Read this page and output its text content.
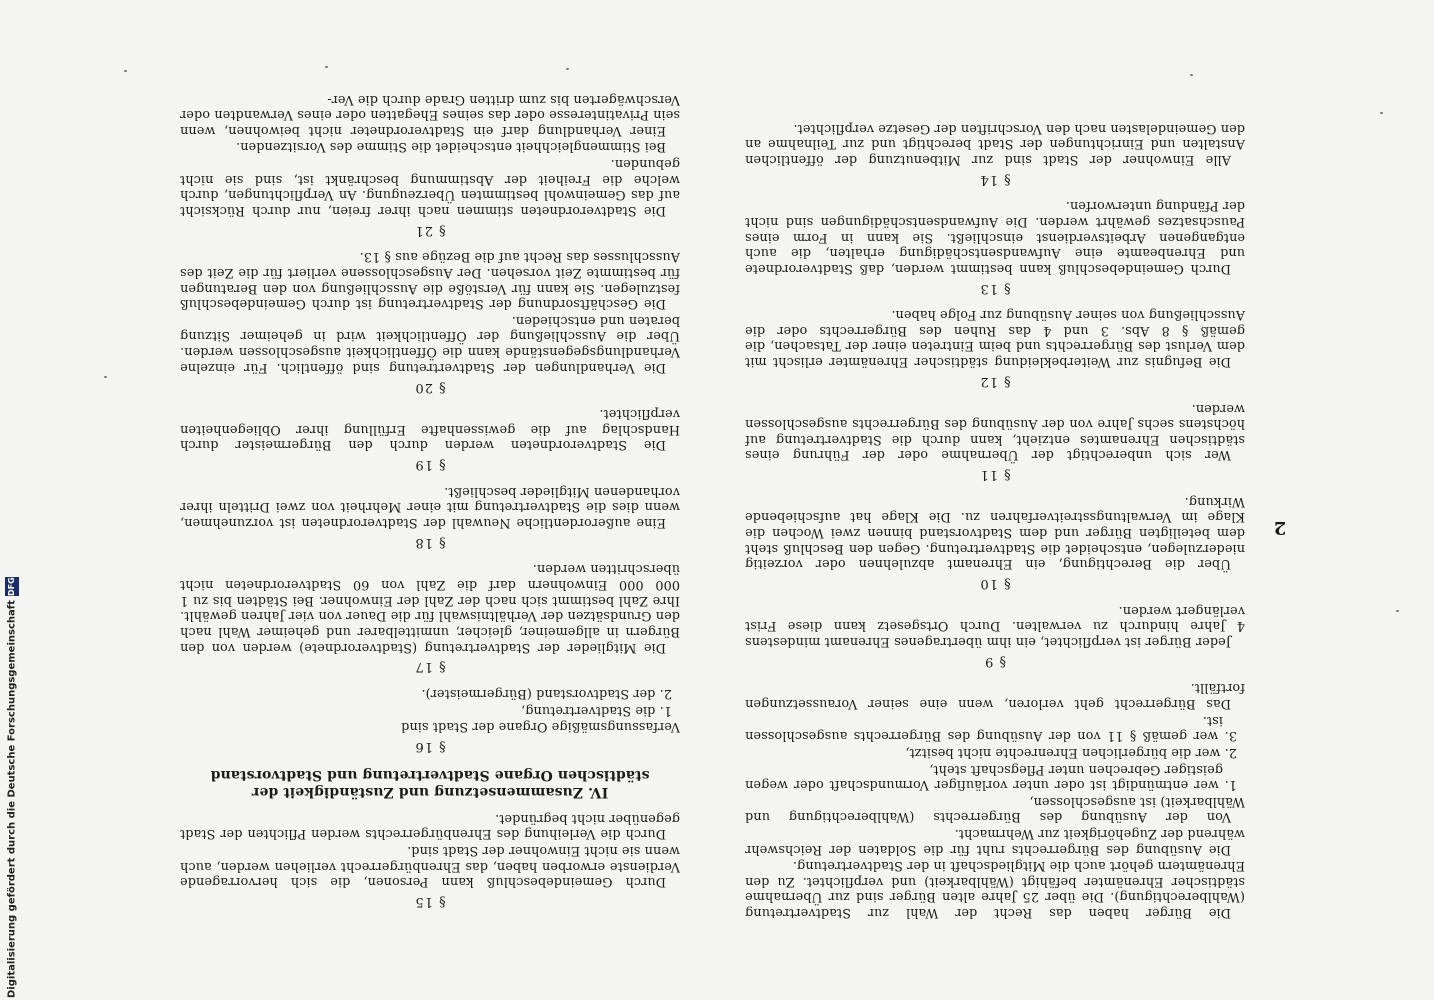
2

Die Bürger haben das Recht der Wahl zur Stadtvertretung (Wahlberechtigung). Die über 25 Jahre alten Bürger sind zur Übernahme städtischer Ehrenämter befähigt (Wählbarkeit) und verpflichtet. Zu den Ehrenämtern gehört auch die Mitgliedschaft in der Stadtvertretung.

Die Ausübung des Bürgerrechts ruht für die Soldaten der Reichswehr während der Zugehörigkeit zur Wehrmacht.

Von der Ausübung des Bürgerrechts (Wahlberechtigung und Wählbarkeit) ist ausgeschlossen,

1. wer entmündigt ist oder unter vorläufiger Vormundschaft oder wegen geistiger Gebrechen unter Pflegschaft steht,

2. wer die bürgerlichen Ehrenrechte nicht besitzt,

3. wer gemäß § 11 von der Ausübung des Bürgerrechts ausgeschlossen ist.

Das Bürgerrecht geht verloren, wenn eine seiner Voraussetzungen fortfällt.

§ 9

Jeder Bürger ist verpflichtet, ein ihm übertragenes Ehrenamt mindestens 4 Jahre hindurch zu verwalten. Durch Ortsgesetz kann diese Frist verlängert werden.

§ 10

Über die Berechtigung, ein Ehrenamt abzulehnen oder vorzeitig niederzulegen, entscheidet die Stadtvertretung. Gegen den Beschluß steht dem beteiligten Bürger und dem Stadtvorstand binnen zwei Wochen die Klage im Verwaltungsstreitverfahren zu. Die Klage hat aufschiebende Wirkung.

§ 11

Wer sich unberechtigt der Übernahme oder der Führung eines städtischen Ehrenamtes entzieht, kann durch die Stadtvertretung auf höchstens sechs Jahre von der Ausübung des Bürgerrechts ausgeschlossen werden.

§ 12

Die Befugnis zur Weiterbekleidung städtischer Ehrenämter erlischt mit dem Verlust des Bürgerrechts und beim Eintreten einer der Tatsachen, die gemäß § 8 Abs. 3 und 4 das Ruhen des Bürgerrechts oder die Ausschließung von seiner Ausübung zur Folge haben.

§ 13

Durch Gemeindebeschluß kann bestimmt werden, daß Stadtverordnete und Ehrenbeamte eine Aufwandsentschädigung erhalten, die auch entgangenen Arbeitsverdienst einschließt. Sie kann in Form eines Pauschsatzes gewährt werden. Die Aufwandsentschädigungen sind nicht der Pfändung unterworfen.

§ 14

Alle Einwohner der Stadt sind zur Mitbenutzung der öffentlichen Anstalten und Einrichtungen der Stadt berechtigt und zur Teilnahme an den Gemeindelasten nach den Vorschriften der Gesetze verpflichtet.

§ 15

Durch Gemeindebeschluß kann Personen, die sich hervorragende Verdienste erworben haben, das Ehrenbürgerrecht verliehen werden, auch wenn sie nicht Einwohner der Stadt sind.

Durch die Verleihung des Ehrenbürgerrechts werden Pflichten der Stadt gegenüber nicht begründet.

IV. Zusammensetzung und Zuständigkeit der städtischen Organe Stadtvertretung und Stadtvorstand
§ 16

Verfassungsmäßige Organe der Stadt sind

1. die Stadtvertretung,

2. der Stadtvorstand (Bürgermeister).

§ 17

Die Mitglieder der Stadtvertretung (Stadtverordnete) werden von den Bürgern in allgemeiner, gleicher, unmittelbarer und geheimer Wahl nach den Grundsätzen der Verhältniswahl für die Dauer von vier Jahren gewählt. Ihre Zahl bestimmt sich nach der Zahl der Einwohner. Bei Städten bis zu 1 000 000 Einwohnern darf die Zahl von 60 Stadtverordneten nicht überschritten werden.

§ 18

Eine außerordentliche Neuwahl der Stadtverordneten ist vorzunehmen, wenn dies die Stadtvertretung mit einer Mehrheit von zwei Dritteln ihrer vorhandenen Mitglieder beschließt.

§ 19

Die Stadtverordneten werden durch den Bürgermeister durch Handschlag auf die gewissenhafte Erfüllung ihrer Obliegenheiten verpflichtet.

§ 20

Die Verhandlungen der Stadtvertretung sind öffentlich. Für einzelne Verhandlungsgegenstände kann die Öffentlichkeit ausgeschlossen werden. Über die Ausschließung der Öffentlichkeit wird in geheimer Sitzung beraten und entschieden.

Die Geschäftsordnung der Stadtvertretung ist durch Gemeindebeschluß festzulegen. Sie kann für Verstöße die Ausschließung von den Beratungen für bestimmte Zeit vorsehen. Der Ausgeschlossene verliert für die Zeit des Ausschlusses das Recht auf die Bezüge aus § 13.

§ 21

Die Stadtverordneten stimmen nach ihrer freien, nur durch Rücksicht auf das Gemeinwohl bestimmten Überzeugung. An Verpflichtungen, durch welche die Freiheit der Abstimmung beschränkt ist, sind sie nicht gebunden.

Bei Stimmengleichheit entscheidet die Stimme des Vorsitzenden.

Einer Verhandlung darf ein Stadtverordneter nicht beiwohnen, wenn sein Privatinteresse oder das seines Ehegatten oder eines Verwandten oder Verschwägerten bis zum dritten Grade durch die Ver-

Digitalisierung gefördert durch die Deutsche Forschungsgemeinschaft
DFG
